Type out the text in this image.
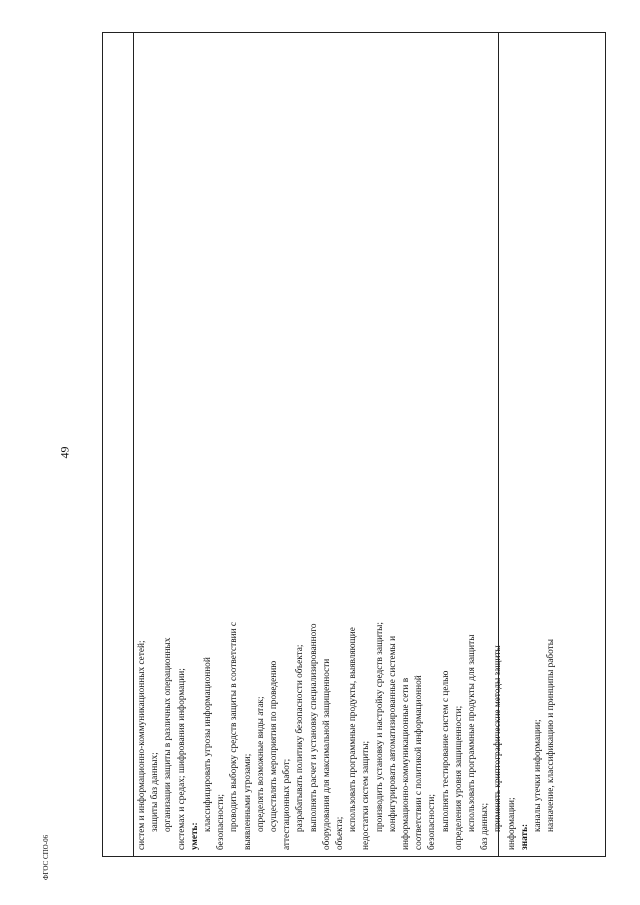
49
ФГОС СПО-06
систем и информационно-коммуникационных сетей; защиты баз данных; организации защиты в различных операционных системах и средах; шифрования информации; уметь:
классифицировать угрозы информационной безопасности; проводить выборку средств защиты в соответствии с выявленными угрозами; определять возможные виды атак; осуществлять мероприятия по проведению аттестационных работ; разрабатывать политику безопасности объекта; выполнять расчет и установку специализированного оборудования для максимальной защищенности объекта;
использовать программные продукты, выявляющие недостатки систем защиты; производить установку и настройку средств защиты; конфигурировать автоматизированные системы и информационно-коммуникационные сети в соответствии с политикой информационной безопасности; выполнять тестирование систем с целью определения уровня защищенности; использовать программные продукты для защиты баз данных; применять криптографические методы защиты информации; знать:
каналы утечки информации; назначение, классификацию и принципы работы
